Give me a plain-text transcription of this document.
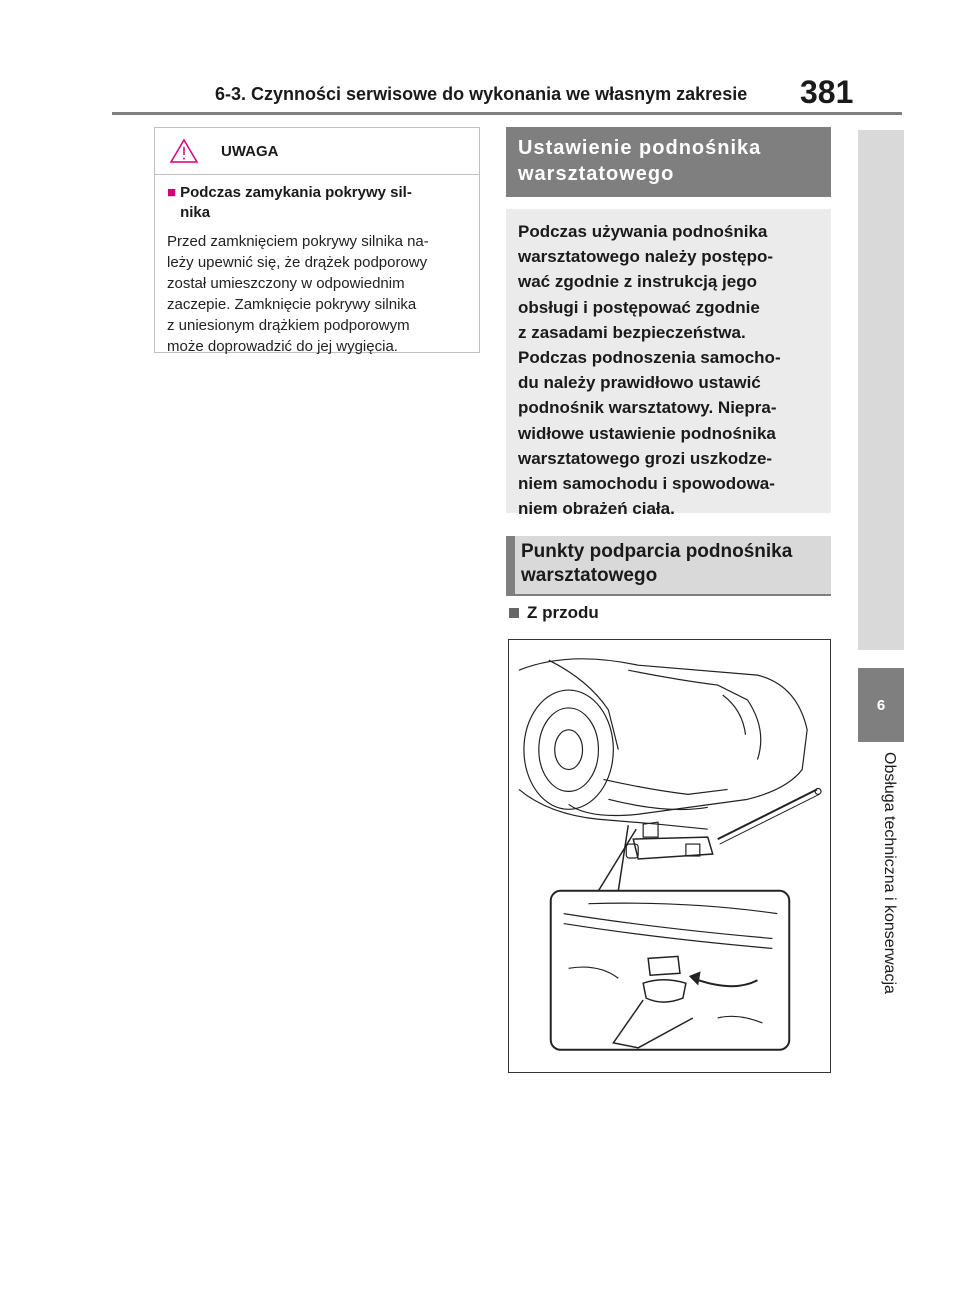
6-3. Czynności serwisowe do wykonania we własnym zakresie 381
6
Obsługa techniczna i konserwacja
UWAGA
■ Podczas zamykania pokrywy sil-
nika
Przed zamknięciem pokrywy silnika na-
leży upewnić się, że drążek podporowy
został umieszczony w odpowiednim
zaczepie. Zamknięcie pokrywy silnika
z uniesionym drążkiem podporowym
może doprowadzić do jej wygięcia.
Ustawienie podnośnika
warsztatowego
Podczas używania podnośnika
warsztatowego należy postępo-
wać zgodnie z instrukcją jego
obsługi i postępować zgodnie
z zasadami bezpieczeństwa.
Podczas podnoszenia samocho-
du należy prawidłowo ustawić
podnośnik warsztatowy. Niepra-
widłowe ustawienie podnośnika
warsztatowego grozi uszkodze-
niem samochodu i spowodowa-
niem obrażeń ciała.
Punkty podparcia podnośnika
warsztatowego
Z przodu
